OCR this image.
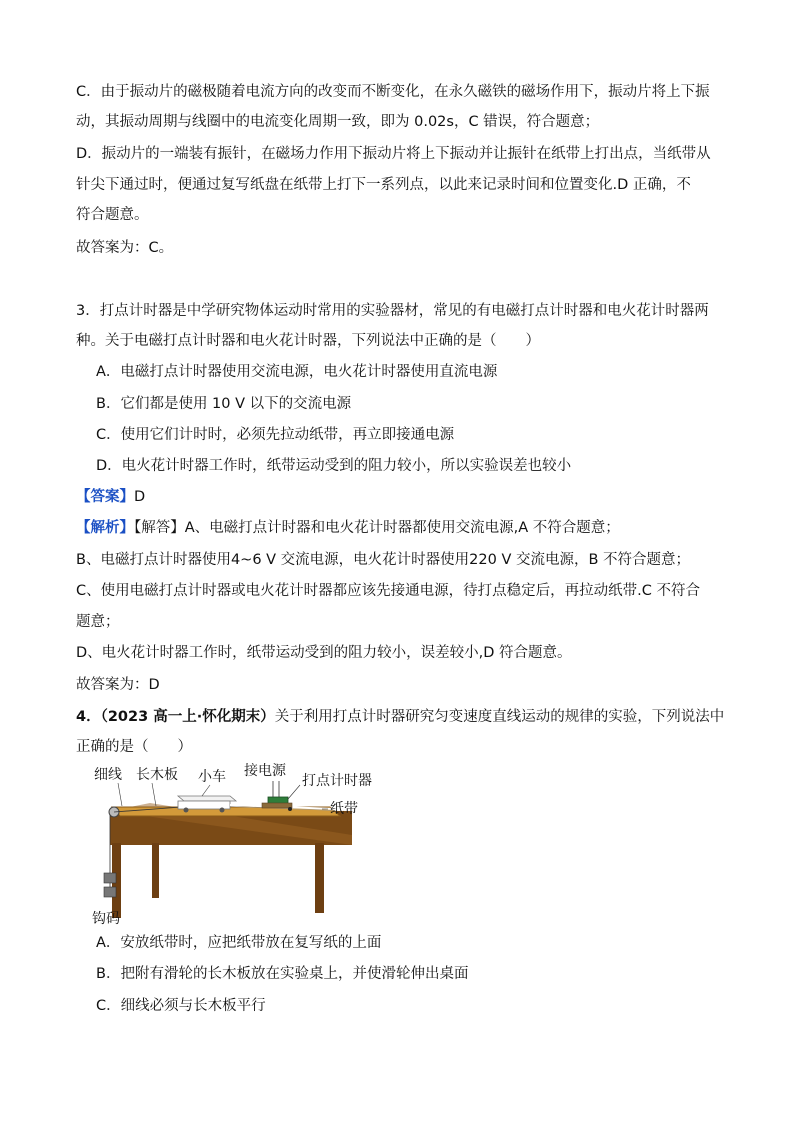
C．由于振动片的磁极随着电流方向的改变而不断变化，在永久磁铁的磁场作用下，振动片将上下振
动，其振动周期与线圈中的电流变化周期一致，即为 0.02s，C 错误，符合题意；
D．振动片的一端装有振针，在磁场力作用下振动片将上下振动并让振针在纸带上打出点，当纸带从
针尖下通过时，便通过复写纸盘在纸带上打下一系列点，以此来记录时间和位置变化.D 正确，不
符合题意。
故答案为：C。
3．打点计时器是中学研究物体运动时常用的实验器材，常见的有电磁打点计时器和电火花计时器两
种。关于电磁打点计时器和电火花计时器，下列说法中正确的是（　　）
A．电磁打点计时器使用交流电源，电火花计时器使用直流电源
B．它们都是使用 10 V 以下的交流电源
C．使用它们计时时，必须先拉动纸带，再立即接通电源
D．电火花计时器工作时，纸带运动受到的阻力较小，所以实验误差也较小
【答案】D
【解析】【解答】A、电磁打点计时器和电火花计时器都使用交流电源,A 不符合题意；
B、电磁打点计时器使用4~6 V 交流电源，电火花计时器使用220 V 交流电源，B 不符合题意；
C、使用电磁打点计时器或电火花计时器都应该先接通电源，待打点稳定后，再拉动纸带.C 不符合
题意；
D、电火花计时器工作时，纸带运动受到的阻力较小，误差较小,D 符合题意。
故答案为：D
4．（2023 高一上·怀化期末）关于利用打点计时器研究匀变速度直线运动的规律的实验，下列说法中
正确的是（　　）
细线 长木板 小车 接电源
打点计时器
纸带
钩码
A．安放纸带时，应把纸带放在复写纸的上面
B．把附有滑轮的长木板放在实验桌上，并使滑轮伸出桌面
C．细线必须与长木板平行
